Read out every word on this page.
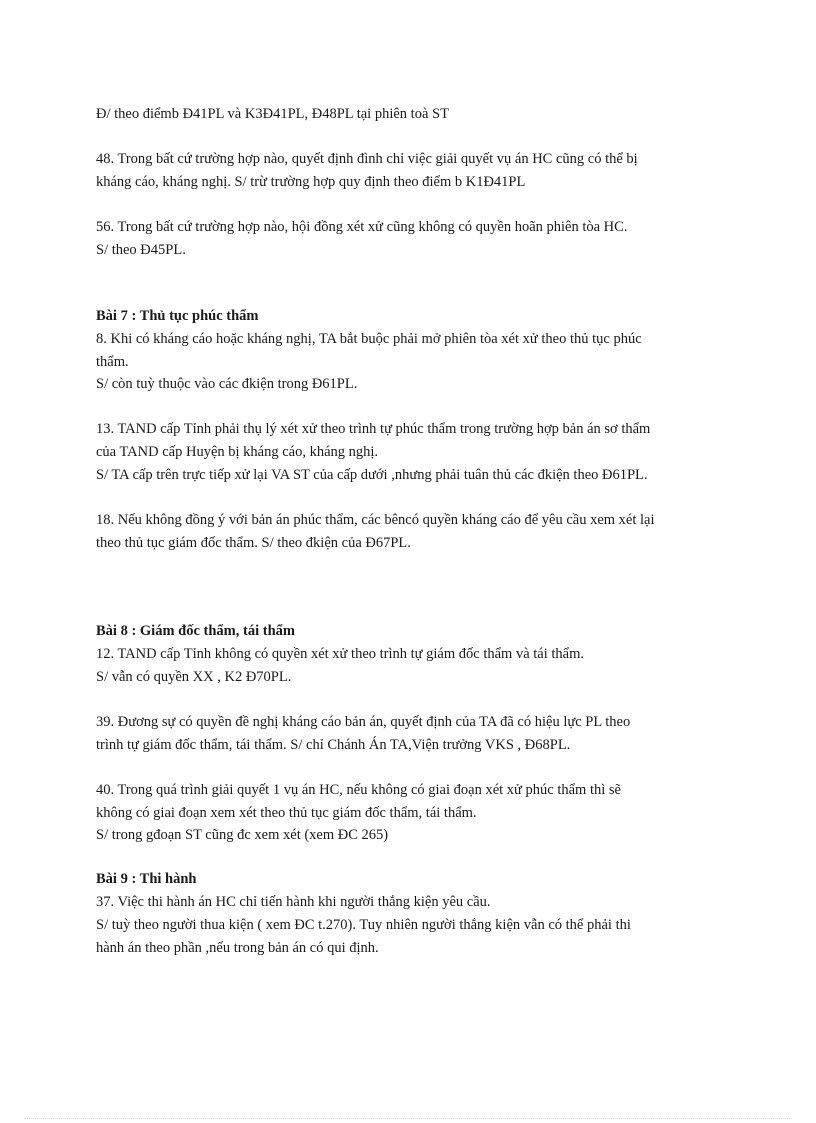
Đ/ theo điểmb Đ41PL và K3Đ41PL, Đ48PL tại phiên toà ST

48. Trong bất cứ trường hợp nào, quyết định đình chỉ việc giải quyết vụ án HC cũng có thể bị

kháng cáo, kháng nghị. S/ trừ trường hợp quy định theo điểm b K1Đ41PL

56. Trong bất cứ trường hợp nào, hội đồng xét xử cũng không có quyền hoãn phiên tòa HC.

S/ theo Đ45PL.

Bài 7 : Thủ tục phúc thẩm

8. Khi có kháng cáo hoặc kháng nghị, TA bắt buộc phải mở phiên tòa xét xử theo thủ tục phúc

thẩm.

S/ còn tuỳ thuộc vào các đkiện trong Đ61PL.

13. TAND cấp Tỉnh phải thụ lý xét xử theo trình tự phúc thẩm trong trường hợp bản án sơ thẩm

của TAND cấp Huyện bị kháng cáo, kháng nghị.

S/ TA cấp trên trực tiếp xử lại VA ST của cấp dưới ,nhưng phải tuân thủ các đkiện theo Đ61PL.

18. Nếu không đồng ý với bản án phúc thẩm, các bêncó quyền kháng cáo để yêu cầu xem xét lại

theo thủ tục giám đốc thẩm. S/ theo đkiện của Đ67PL.

Bài 8 : Giám đốc thẩm, tái thẩm

12. TAND cấp Tỉnh không có quyền xét xử theo trình tự giám đốc thẩm và tái thẩm.

S/ vẫn có quyền XX , K2 Đ70PL.

39. Đương sự có quyền đề nghị kháng cáo bản án, quyết định của TA đã có hiệu lực PL theo

trình tự giám đốc thẩm, tái thẩm. S/ chỉ Chánh Án TA,Viện trưởng VKS , Đ68PL.

40. Trong quá trình giải quyết 1 vụ án HC, nếu không có giai đoạn xét xử phúc thẩm thì sẽ

không có giai đoạn xem xét theo thủ tục giám đốc thẩm, tái thẩm.

S/ trong gđoạn ST cũng đc xem xét (xem ĐC 265)

Bài 9 : Thi hành

37. Việc thi hành án HC chỉ tiến hành khi người thắng kiện yêu cầu.

S/ tuỳ theo người thua kiện ( xem ĐC t.270). Tuy nhiên người thắng kiện vẫn có thể phải thi

hành án theo phần ,nếu trong bản án có qui định.
